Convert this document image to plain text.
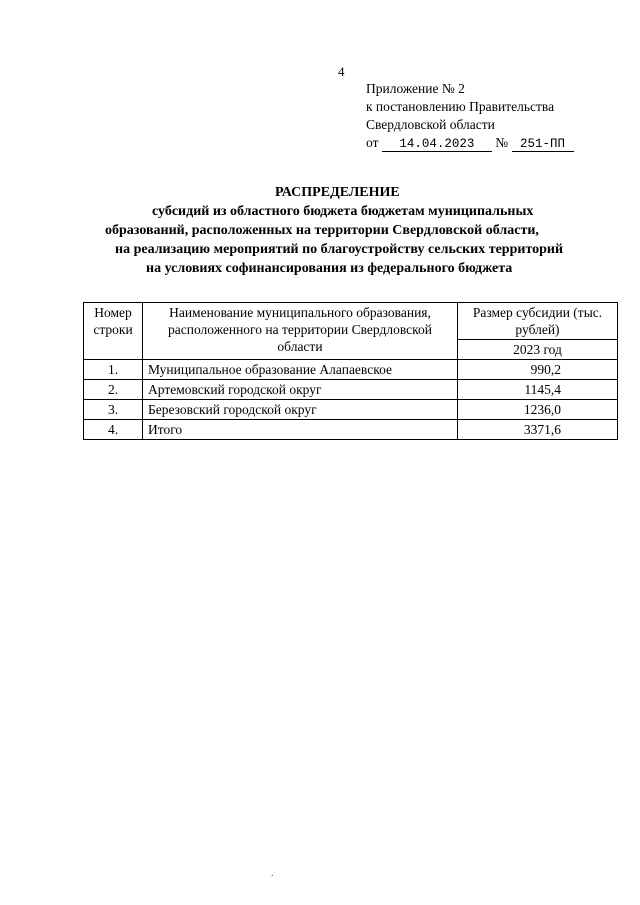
4
Приложение № 2
к постановлению Правительства
Свердловской области
от 14.04.2023 № 251-ПП
РАСПРЕДЕЛЕНИЕ
субсидий из областного бюджета бюджетам муниципальных
образований, расположенных на территории Свердловской области,
на реализацию мероприятий по благоустройству сельских территорий
на условиях софинансирования из федерального бюджета
Номер строки	Наименование муниципального образования, расположенного на территории Свердловской области	Размер субсидии (тыс. рублей)
		2023 год
1.	Муниципальное образование Алапаевское	990,2
2.	Артемовский городской округ	1145,4
3.	Березовский городской округ	1236,0
4.	Итого	3371,6
.
